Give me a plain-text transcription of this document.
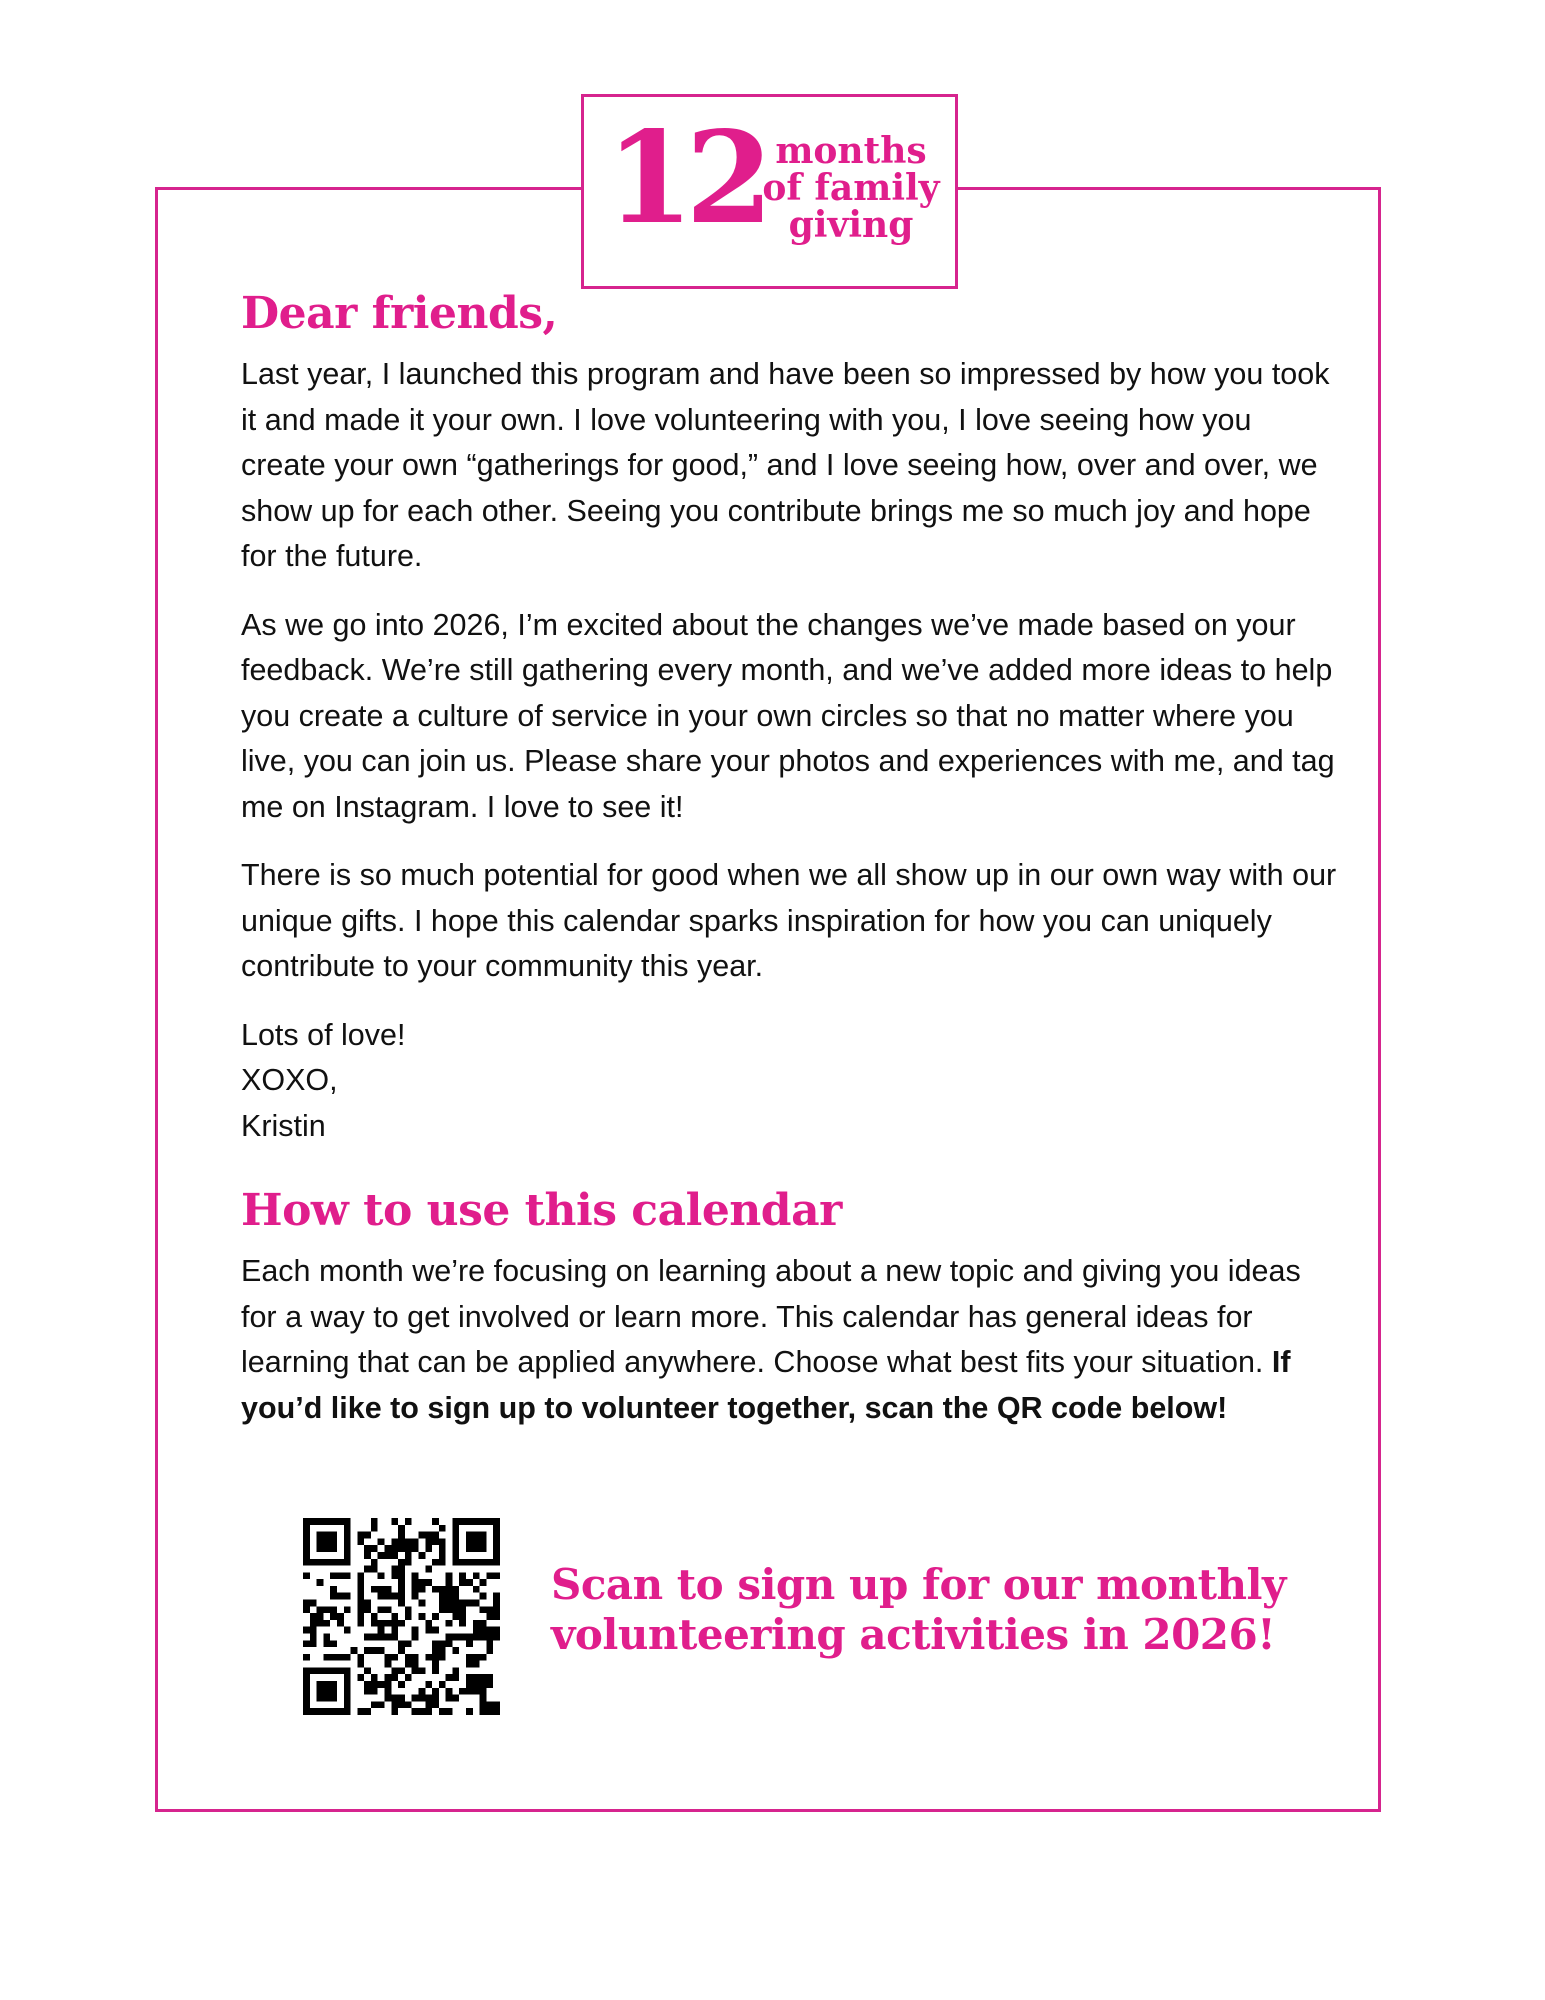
12 months
of family
giving
Dear friends,

Last year, I launched this program and have been so impressed by how you took it and made it your own. I love volunteering with you, I love seeing how you create your own “gatherings for good,” and I love seeing how, over and over, we show up for each other. Seeing you contribute brings me so much joy and hope for the future.

As we go into 2026, I’m excited about the changes we’ve made based on your feedback. We’re still gathering every month, and we’ve added more ideas to help you create a culture of service in your own circles so that no matter where you live, you can join us. Please share your photos and experiences with me, and tag me on Instagram. I love to see it!

There is so much potential for good when we all show up in our own way with our unique gifts. I hope this calendar sparks inspiration for how you can uniquely contribute to your community this year.

Lots of love!
XOXO,
Kristin
How to use this calendar

Each month we’re focusing on learning about a new topic and giving you ideas for a way to get involved or learn more. This calendar has general ideas for learning that can be applied anywhere. Choose what best fits your situation. If you’d like to sign up to volunteer together, scan the QR code below!

Scan to sign up for our monthly
volunteering activities in 2026!
